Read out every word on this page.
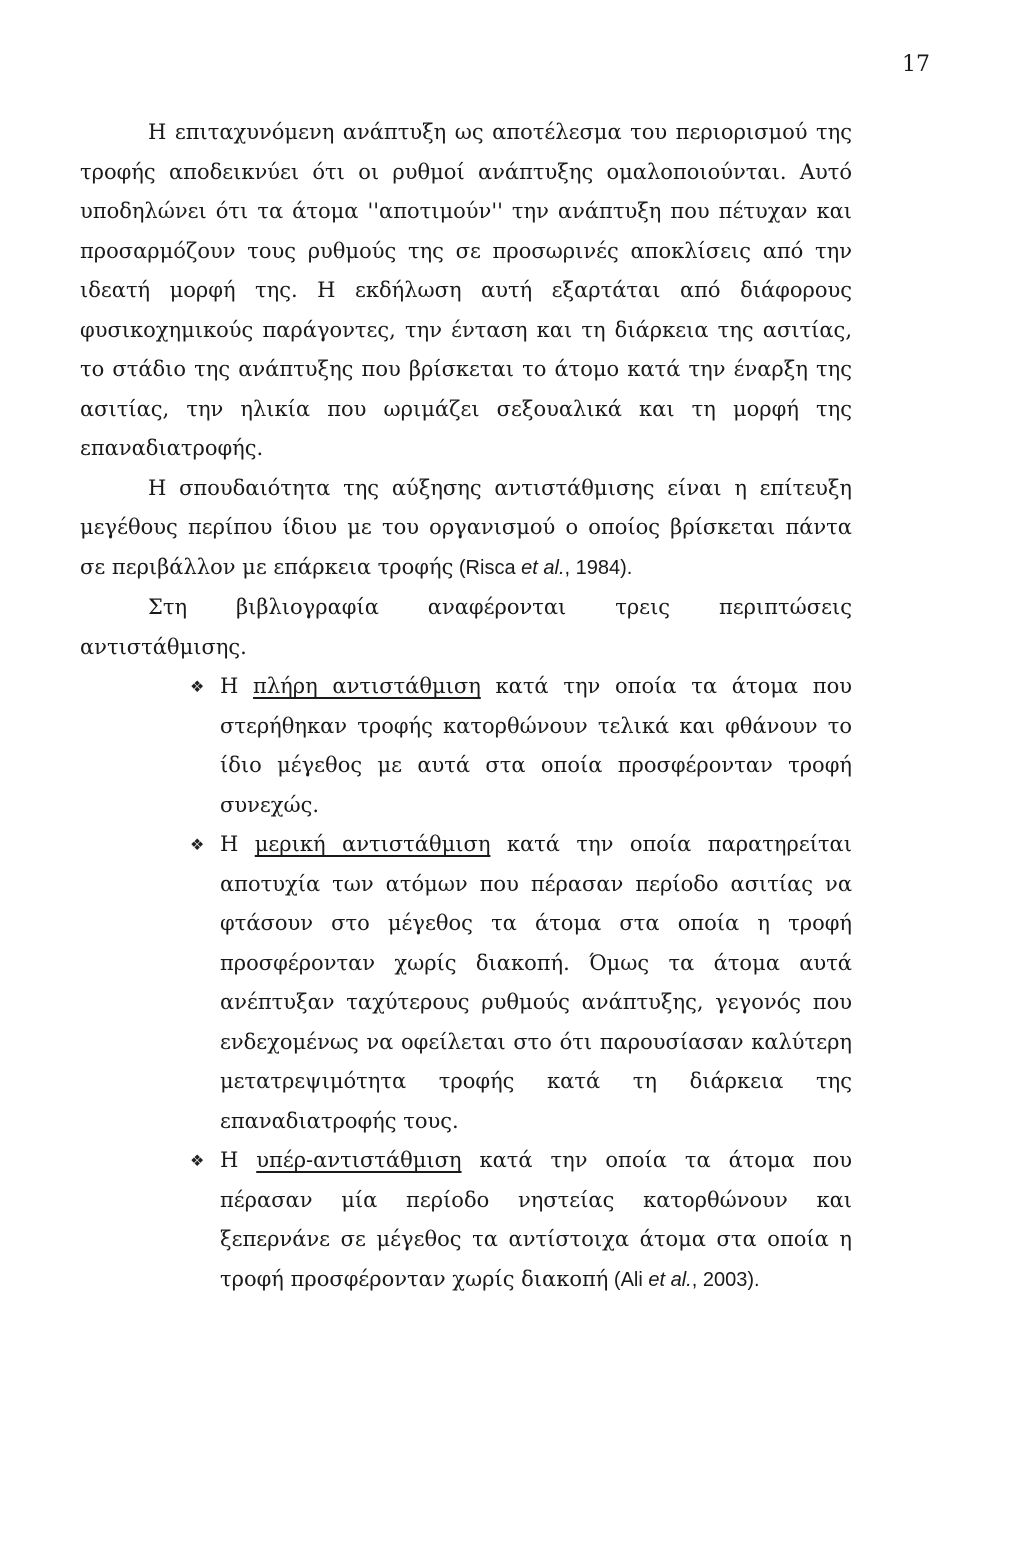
17

Η επιταχυνόμενη ανάπτυξη ως αποτέλεσμα του περιορισμού της τροφής αποδεικνύει ότι οι ρυθμοί ανάπτυξης ομαλοποιούνται. Αυτό υποδηλώνει ότι τα άτομα ''αποτιμούν'' την ανάπτυξη που πέτυχαν και προσαρμόζουν τους ρυθμούς της σε προσωρινές αποκλίσεις από την ιδεατή μορφή της. Η εκδήλωση αυτή εξαρτάται από διάφορους φυσικοχημικούς παράγοντες, την ένταση και τη διάρκεια της ασιτίας, το στάδιο της ανάπτυξης που βρίσκεται το άτομο κατά την έναρξη της ασιτίας, την ηλικία που ωριμάζει σεξουαλικά και τη μορφή της επαναδιατροφής.

Η σπουδαιότητα της αύξησης αντιστάθμισης είναι η επίτευξη μεγέθους περίπου ίδιου με του οργανισμού ο οποίος βρίσκεται πάντα σε περιβάλλον με επάρκεια τροφής (Risca et al., 1984).

Στη βιβλιογραφία αναφέρονται τρεις περιπτώσεις αντιστάθμισης.

❖ Η πλήρη αντιστάθμιση κατά την οποία τα άτομα που στερήθηκαν τροφής κατορθώνουν τελικά και φθάνουν το ίδιο μέγεθος με αυτά στα οποία προσφέρονταν τροφή συνεχώς.
❖ Η μερική αντιστάθμιση κατά την οποία παρατηρείται αποτυχία των ατόμων που πέρασαν περίοδο ασιτίας να φτάσουν στο μέγεθος τα άτομα στα οποία η τροφή προσφέρονταν χωρίς διακοπή. Όμως τα άτομα αυτά ανέπτυξαν ταχύτερους ρυθμούς ανάπτυξης, γεγονός που ενδεχομένως να οφείλεται στο ότι παρουσίασαν καλύτερη μετατρεψιμότητα τροφής κατά τη διάρκεια της επαναδιατροφής τους.
❖ Η υπέρ-αντιστάθμιση κατά την οποία τα άτομα που πέρασαν μία περίοδο νηστείας κατορθώνουν και ξεπερνάνε σε μέγεθος τα αντίστοιχα άτομα στα οποία η τροφή προσφέρονταν χωρίς διακοπή (Ali et al., 2003).
